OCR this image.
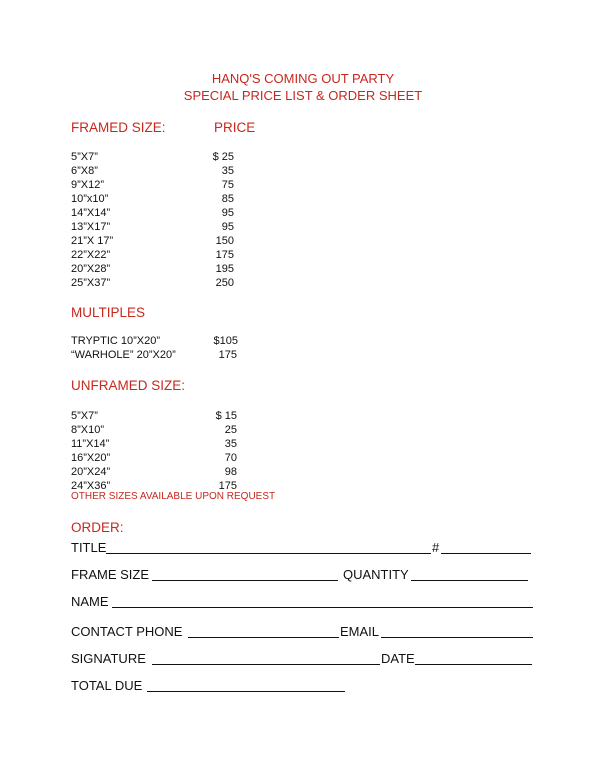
HANQ'S COMING OUT PARTY
SPECIAL PRICE LIST & ORDER SHEET
FRAMED SIZE:	PRICE
5”X7”	$ 25
6”X8”	35
9”X12”	75
10”x10”	85
14”X14”	95
13”X17”	95
21”X 17”	150
22”X22”	175
20”X28”	195
25”X37”	250
MULTIPLES
TRYPTIC 10”X20”	$105
“WARHOLE” 20”X20”	175
UNFRAMED SIZE:
5”X7”	$ 15
8”X10”	25
11”X14”	35
16”X20”	70
20”X24”	98
24”X36”	175
OTHER SIZES AVAILABLE UPON REQUEST
ORDER:
TITLE	#
FRAME SIZE	QUANTITY
NAME
CONTACT PHONE	EMAIL
SIGNATURE	DATE
TOTAL DUE
